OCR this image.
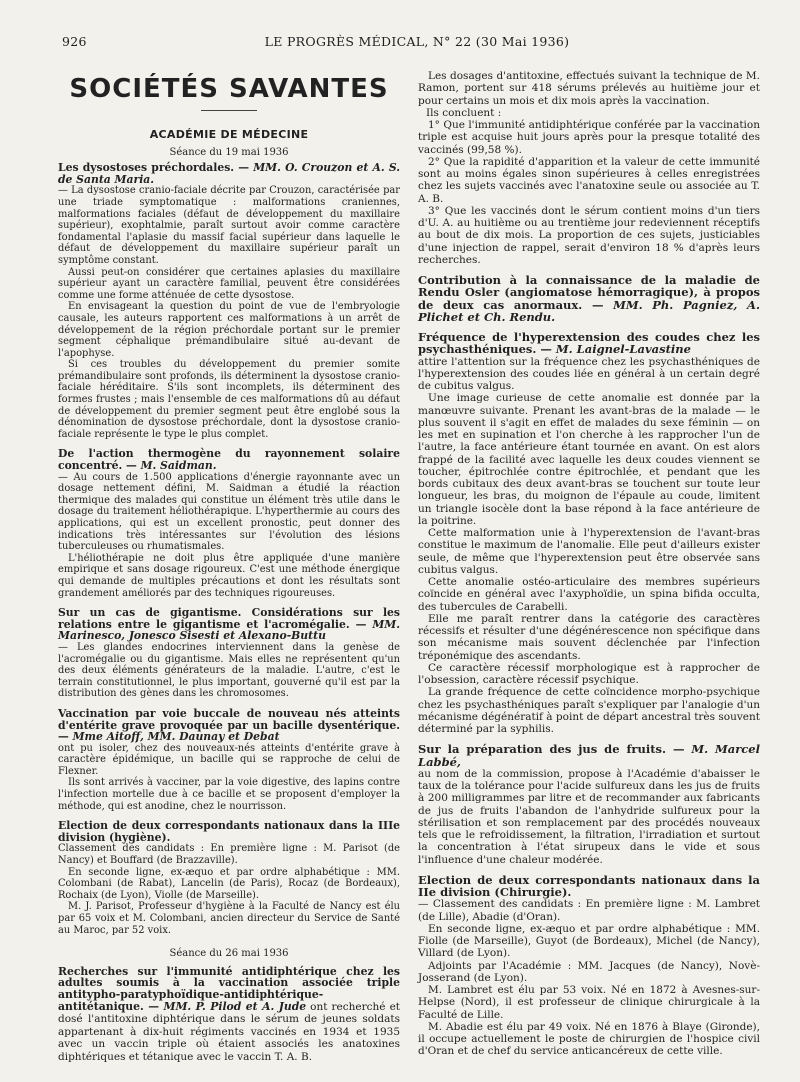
926	LE PROGRÈS MÉDICAL, N° 22 (30 Mai 1936)
SOCIÉTÉS SAVANTES
ACADÉMIE DE MÉDECINE
Séance du 19 mai 1936

Les dysostoses préchordales. — MM. O. Crouzon et A. S. de Santa Maria.

— La dysostose cranio-faciale décrite par Crouzon, caractérisée par une triade symptomatique : malformations craniennes, malformations faciales (défaut de développement du maxillaire supérieur), exophtalmie, paraît surtout avoir comme caractère fondamental l'aplasie du massif facial supérieur dans laquelle le défaut de développement du maxillaire supérieur paraît un symptôme constant.

Aussi peut-on considérer que certaines aplasies du maxillaire supérieur ayant un caractère familial, peuvent être considérées comme une forme atténuée de cette dysostose.

En envisageant la question du point de vue de l'embryologie causale, les auteurs rapportent ces malformations à un arrêt de développement de la région préchordale portant sur le premier segment céphalique prémandibulaire situé au-devant de l'apophyse.

Si ces troubles du développement du premier somite prémandibulaire sont profonds, ils déterminent la dysostose cranio-faciale héréditaire. S'ils sont incomplets, ils déterminent des formes frustes ; mais l'ensemble de ces malformations dû au défaut de développement du premier segment peut être englobé sous la dénomination de dysostose préchordale, dont la dysostose cranio-faciale représente le type le plus complet.

De l'action thermogène du rayonnement solaire concentré. — M. Saidman.

— Au cours de 1.500 applications d'énergie rayonnante avec un dosage nettement défini, M. Saidman a étudié la réaction thermique des malades qui constitue un élément très utile dans le dosage du traitement héliothérapique. L'hyperthermie au cours des applications, qui est un excellent pronostic, peut donner des indications très intéressantes sur l'évolution des lésions tuberculeuses ou rhumatismales.

L'héliothérapie ne doit plus être appliquée d'une manière empirique et sans dosage rigoureux. C'est une méthode énergique qui demande de multiples précautions et dont les résultats sont grandement améliorés par des techniques rigoureuses.

Sur un cas de gigantisme. Considérations sur les relations entre le gigantisme et l'acromégalie. — MM. Marinesco, Jonesco Sisesti et Alexano-Buttu

— Les glandes endocrines interviennent dans la genèse de l'acromégalie ou du gigantisme. Mais elles ne représentent qu'un des deux éléments générateurs de la maladie. L'autre, c'est le terrain constitutionnel, le plus important, gouverné qu'il est par la distribution des gènes dans les chromosomes.

Vaccination par voie buccale de nouveau nés atteints d'entérite grave provoquée par un bacille dysentérique. — Mme Aitoff, MM. Daunay et Debat

ont pu isoler, chez des nouveaux-nés atteints d'entérite grave à caractère épidémique, un bacille qui se rapproche de celui de Flexner.

Ils sont arrivés à vacciner, par la voie digestive, des lapins contre l'infection mortelle due à ce bacille et se proposent d'employer la méthode, qui est anodine, chez le nourrisson.

Election de deux correspondants nationaux dans la IIIe division (hygiène).

Classement des candidats : En première ligne : M. Parisot (de Nancy) et Bouffard (de Brazzaville).

En seconde ligne, ex-æquo et par ordre alphabétique : MM. Colombani (de Rabat), Lancelin (de Paris), Rocaz (de Bordeaux), Rochaix (de Lyon), Violle (de Marseille).

M. J. Parisot, Professeur d'hygiène à la Faculté de Nancy est élu par 65 voix et M. Colombani, ancien directeur du Service de Santé au Maroc, par 52 voix.

Séance du 26 mai 1936

Recherches sur l'immunité antidiphtérique chez les adultes soumis à la vaccination associée triple antitypho-paratyphoïdique-antidiphtérique-antitétanique. — MM. P. Pilod et A. Jude ont recherché et dosé l'antitoxine diphtérique dans le sérum de jeunes soldats appartenant à dix-huit régiments vaccinés en 1934 et 1935 avec un vaccin triple où étaient associés les anatoxines diphtériques et tétanique avec le vaccin T. A. B.

Les dosages d'antitoxine, effectués suivant la technique de M. Ramon, portent sur 418 sérums prélevés au huitième jour et pour certains un mois et dix mois après la vaccination.

Ils concluent :

1° Que l'immunité antidiphtérique conférée par la vaccination triple est acquise huit jours après pour la presque totalité des vaccinés (99,58 %).

2° Que la rapidité d'apparition et la valeur de cette immunité sont au moins égales sinon supérieures à celles enregistrées chez les sujets vaccinés avec l'anatoxine seule ou associée au T. A. B.

3° Que les vaccinés dont le sérum contient moins d'un tiers d'U. A. au huitième ou au trentième jour redeviennent réceptifs au bout de dix mois. La proportion de ces sujets, justiciables d'une injection de rappel, serait d'environ 18 % d'après leurs recherches.

Contribution à la connaissance de la maladie de Rendu Osler (angiomatose hémorragique), à propos de deux cas anormaux. — MM. Ph. Pagniez, A. Plichet et Ch. Rendu.

Fréquence de l'hyperextension des coudes chez les psychasthéniques. — M. Laignel-Lavastine

attire l'attention sur la fréquence chez les psychasthéniques de l'hyperextension des coudes liée en général à un certain degré de cubitus valgus.

Une image curieuse de cette anomalie est donnée par la manœuvre suivante. Prenant les avant-bras de la malade — le plus souvent il s'agit en effet de malades du sexe féminin — on les met en supination et l'on cherche à les rapprocher l'un de l'autre, la face antérieure étant tournée en avant. On est alors frappé de la facilité avec laquelle les deux coudes viennent se toucher, épitrochlée contre épitrochlée, et pendant que les bords cubitaux des deux avant-bras se touchent sur toute leur longueur, les bras, du moignon de l'épaule au coude, limitent un triangle isocèle dont la base répond à la face antérieure de la poitrine.

Cette malformation unie à l'hyperextension de l'avant-bras constitue le maximum de l'anomalie. Elle peut d'ailleurs exister seule, de même que l'hyperextension peut être observée sans cubitus valgus.

Cette anomalie ostéo-articulaire des membres supérieurs coïncide en général avec l'axyphoïdie, un spina bifida occulta, des tubercules de Carabelli.

Elle me paraît rentrer dans la catégorie des caractères récessifs et résulter d'une dégénérescence non spécifique dans son mécanisme mais souvent déclenchée par l'infection tréponémique des ascendants.

Ce caractère récessif morphologique est à rapprocher de l'obsession, caractère récessif psychique.

La grande fréquence de cette coïncidence morpho-psychique chez les psychasthéniques paraît s'expliquer par l'analogie d'un mécanisme dégénératif à point de départ ancestral très souvent déterminé par la syphilis.

Sur la préparation des jus de fruits. — M. Marcel Labbé,

au nom de la commission, propose à l'Académie d'abaisser le taux de la tolérance pour l'acide sulfureux dans les jus de fruits à 200 milligrammes par litre et de recommander aux fabricants de jus de fruits l'abandon de l'anhydride sulfureux pour la stérilisation et son remplacement par des procédés nouveaux tels que le refroidissement, la filtration, l'irradiation et surtout la concentration à l'état sirupeux dans le vide et sous l'influence d'une chaleur modérée.

Election de deux correspondants nationaux dans la IIe division (Chirurgie).

— Classement des candidats : En première ligne : M. Lambret (de Lille), Abadie (d'Oran).

En seconde ligne, ex-æquo et par ordre alphabétique : MM. Fiolle (de Marseille), Guyot (de Bordeaux), Michel (de Nancy), Villard (de Lyon).

Adjoints par l'Académie : MM. Jacques (de Nancy), Novè-Josserand (de Lyon).

M. Lambret est élu par 53 voix. Né en 1872 à Avesnes-sur-Helpse (Nord), il est professeur de clinique chirurgicale à la Faculté de Lille.

M. Abadie est élu par 49 voix. Né en 1876 à Blaye (Gironde), il occupe actuellement le poste de chirurgien de l'hospice civil d'Oran et de chef du service anticancéreux de cette ville.
